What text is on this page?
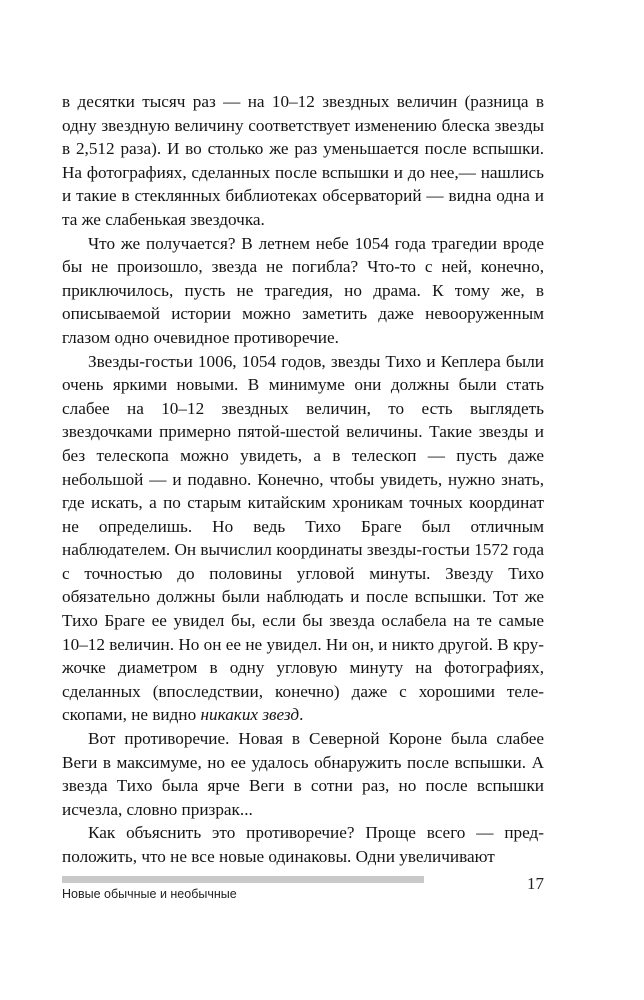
в десятки тысяч раз — на 10–12 звездных величин (разница в одну звездную величину соответствует изменению блеска звезды в 2,512 раза). И во столько же раз уменьшается после вспышки. На фотографиях, сделанных после вспышки и до нее,— нашлись и такие в стеклянных библиотеках обсерваторий — видна одна и та же слабенькая звездочка.

Что же получается? В летнем небе 1054 года трагедии вроде бы не произошло, звезда не погибла? Что-то с ней, конечно, приключилось, пусть не трагедия, но драма. К тому же, в описываемой истории можно заметить даже невооруженным глазом одно очевидное противоречие.

Звезды-гостьи 1006, 1054 годов, звезды Тихо и Кеплера были очень яркими новыми. В минимуме они должны были стать слабее на 10–12 звездных величин, то есть выглядеть звездочками примерно пятой-шестой величины. Такие звезды и без телескопа можно увидеть, а в телескоп — пусть даже небольшой — и подавно. Конечно, чтобы увидеть, нужно знать, где искать, а по старым китайским хроникам точных координат не определишь. Но ведь Тихо Браге был отличным наблюдателем. Он вычислил координаты звезды-гостьи 1572 года с точностью до половины угловой минуты. Звезду Тихо обязательно должны были наблюдать и после вспышки. Тот же Тихо Браге ее увидел бы, если бы звезда ослабела на те самые 10–12 величин. Но он ее не увидел. Ни он, и никто другой. В кружочке диаметром в одну угловую минуту на фотографиях, сделанных (впоследствии, конечно) даже с хорошими телескопами, не видно никаких звезд.

Вот противоречие. Новая в Северной Короне была слабее Веги в максимуме, но ее удалось обнаружить после вспышки. А звезда Тихо была ярче Веги в сотни раз, но после вспышки исчезла, словно призрак...

Как объяснить это противоречие? Проще всего — предположить, что не все новые одинаковы. Одни увеличивают

Новые обычные и необычные
17
